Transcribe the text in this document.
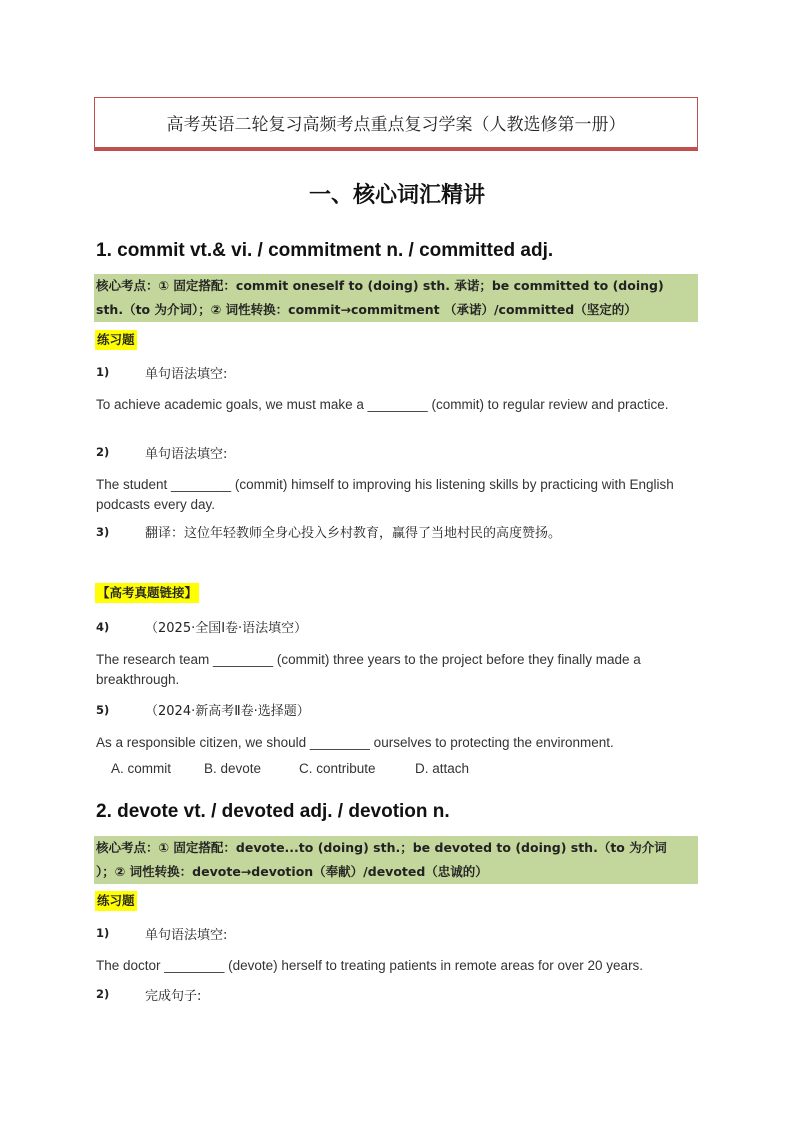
高考英语二轮复习高频考点重点复习学案（人教选修第一册）
一、核心词汇精讲
1. commit vt.& vi. / commitment n. / committed adj.
核心考点：① 固定搭配：commit oneself to (doing) sth. 承诺；be committed to (doing)
sth.（to 为介词）；② 词性转换：commit→commitment （承诺）/committed（坚定的）
练习题
1)	单句语法填空:
To achieve academic goals, we must make a ________ (commit) to regular review and practice.
2)	单句语法填空:
The student ________ (commit) himself to improving his listening skills by practicing with English podcasts every day.
3)	翻译：这位年轻教师全身心投入乡村教育，赢得了当地村民的高度赞扬。
【高考真题链接】
4)	（2025·全国Ⅰ卷·语法填空）
The research team ________ (commit) three years to the project before they finally made a breakthrough.
5)	（2024·新高考Ⅱ卷·选择题）
As a responsible citizen, we should ________ ourselves to protecting the environment.
A. commit B. devote	C. contribute	D. attach
2. devote vt. / devoted adj. / devotion n.
核心考点：① 固定搭配：devote...to (doing) sth.；be devoted to (doing) sth.（to 为介词
）；② 词性转换：devote→devotion（奉献）/devoted（忠诚的）
练习题
1)	单句语法填空:
The doctor ________ (devote) herself to treating patients in remote areas for over 20 years.
2)	完成句子:
